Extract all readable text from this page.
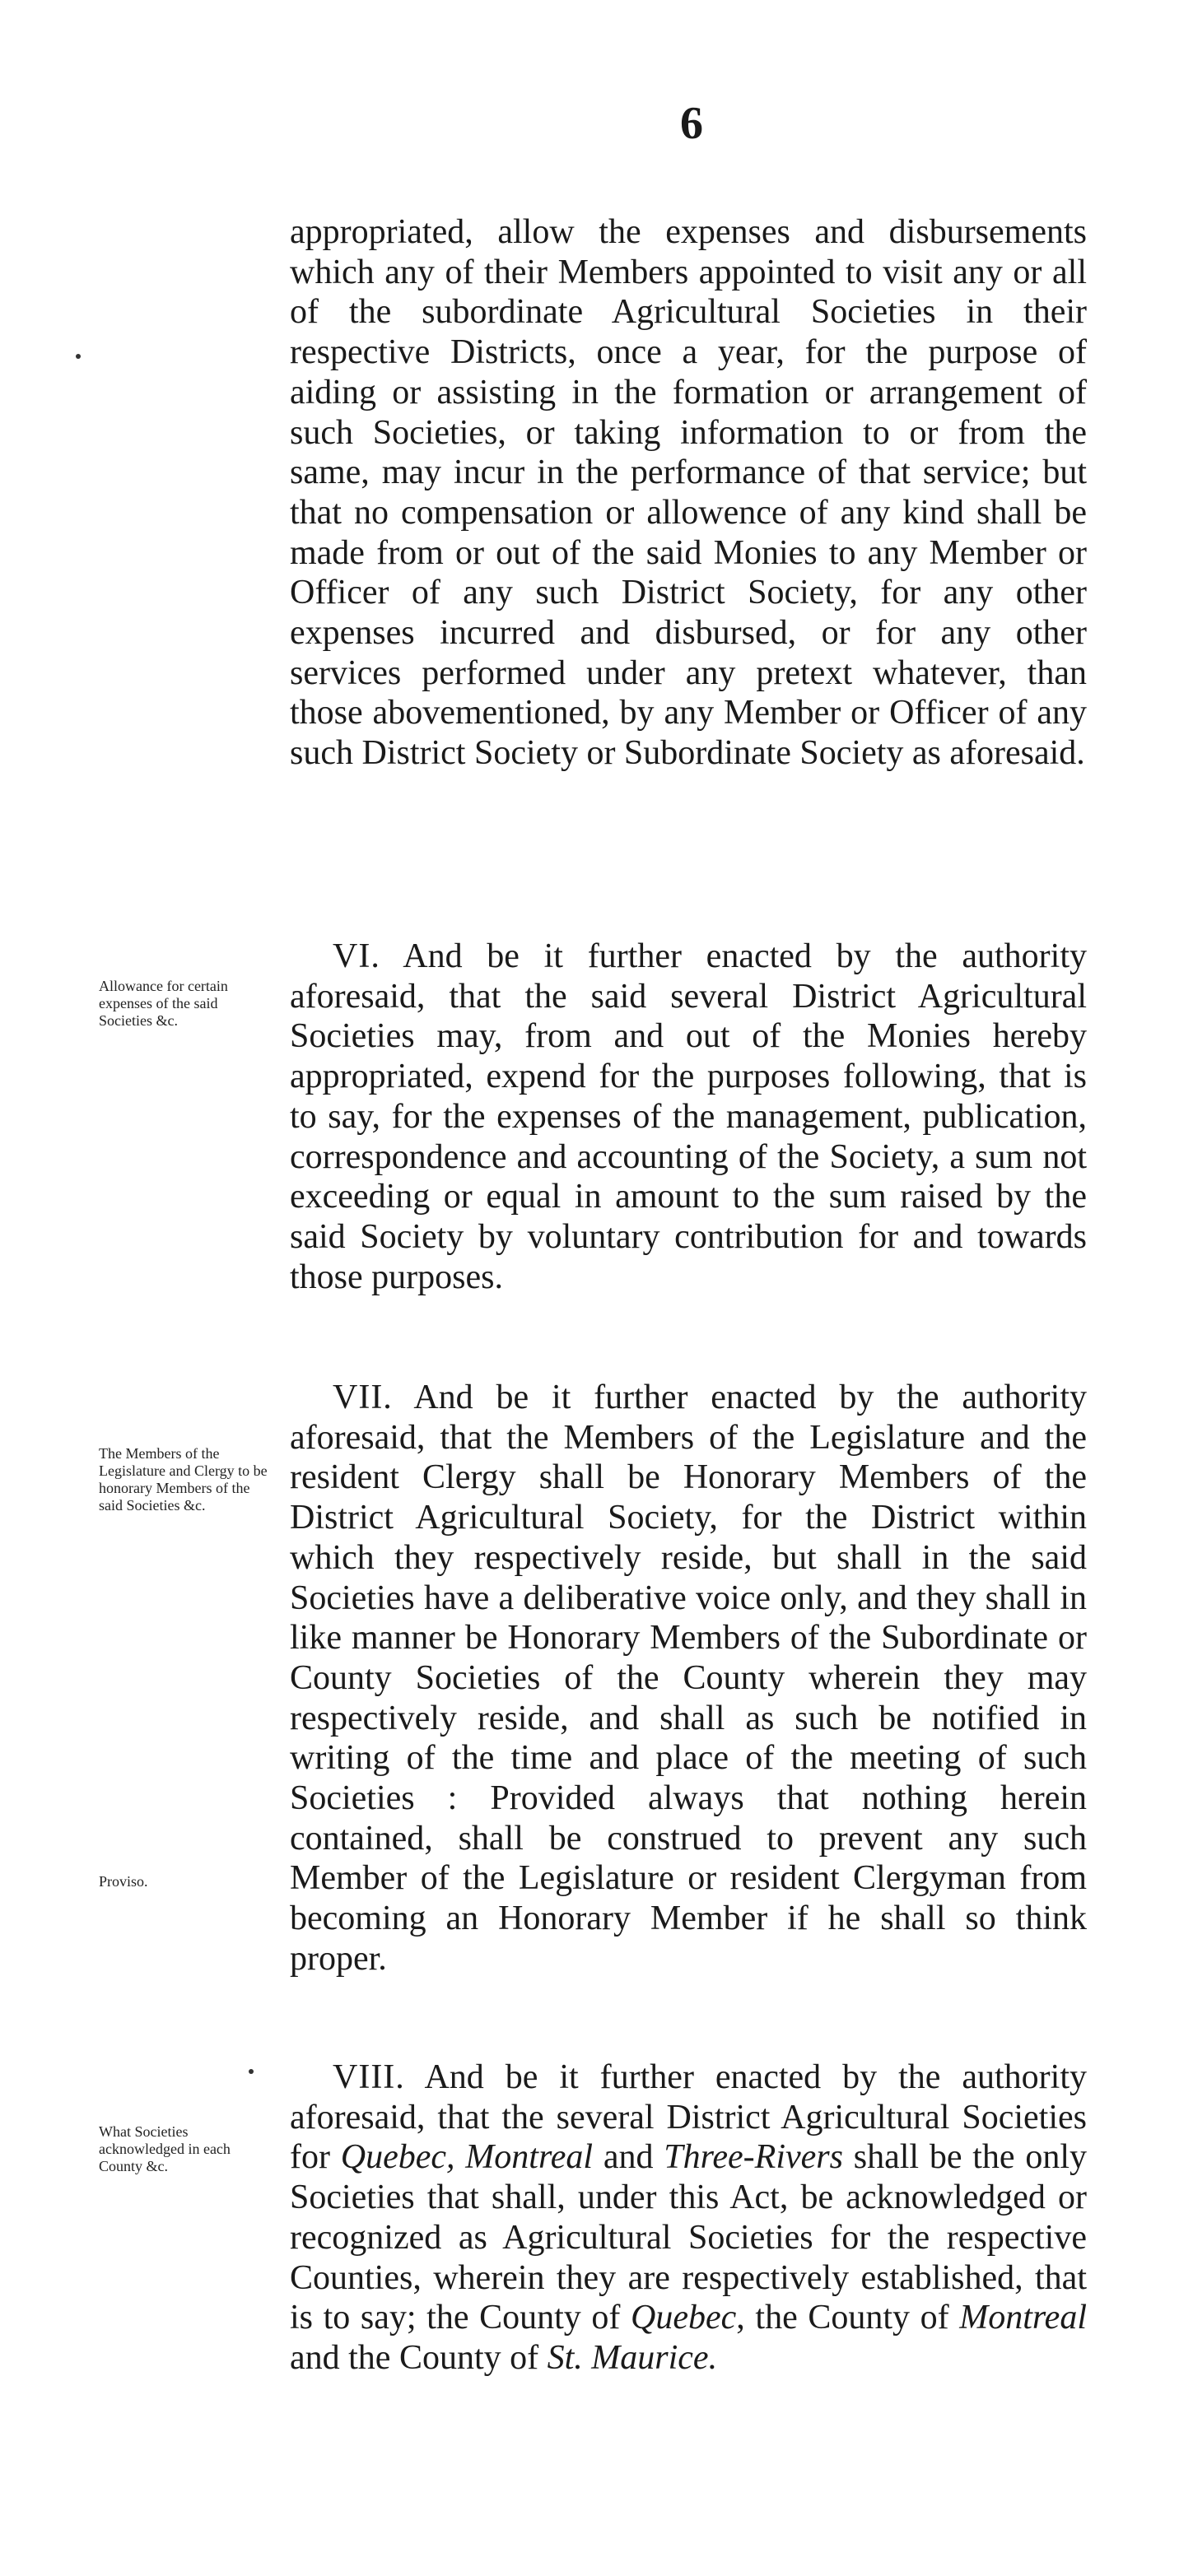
6

appropriated, allow the expenses and disbursements which any of their Members appointed to visit any or all of the subordinate Agricultural Societies in their respective Districts, once a year, for the purpose of aiding or assisting in the formation or arrangement of such Societies, or taking information to or from the same, may incur in the performance of that service; but that no compensation or allowence of any kind shall be made from or out of the said Monies to any Member or Officer of any such District Society, for any other expenses incurred and disbursed, or for any other services performed under any pretext whatever, than those abovementioned, by any Member or Officer of any such District Society or Subordinate Society as aforesaid.

Allowance for certain expenses of the said Societies &c.

VI. And be it further enacted by the authority aforesaid, that the said several District Agricultural Societies may, from and out of the Monies hereby appropriated, expend for the purposes following, that is to say, for the expenses of the management, publication, correspondence and accounting of the Society, a sum not exceeding or equal in amount to the sum raised by the said Society by voluntary contribution for and towards those purposes.

The Members of the Legislature and Clergy to be honorary Members of the said Societies &c.

Proviso.

VII. And be it further enacted by the authority aforesaid, that the Members of the Legislature and the resident Clergy shall be Honorary Members of the District Agricultural Society, for the District within which they respectively reside, but shall in the said Societies have a deliberative voice only, and they shall in like manner be Honorary Members of the Subordinate or County Societies of the County wherein they may respectively reside, and shall as such be notified in writing of the time and place of the meeting of such Societies : Provided always that nothing herein contained, shall be construed to prevent any such Member of the Legislature or resident Clergyman from becoming an Honorary Member if he shall so think proper.

What Societies acknowledged in each County &c.

VIII. And be it further enacted by the authority aforesaid, that the several District Agricultural Societies for Quebec, Montreal and Three-Rivers shall be the only Societies that shall, under this Act, be acknowledged or recognized as Agricultural Societies for the respective Counties, wherein they are respectively established, that is to say; the County of Quebec, the County of Montreal and the County of St. Maurice.
